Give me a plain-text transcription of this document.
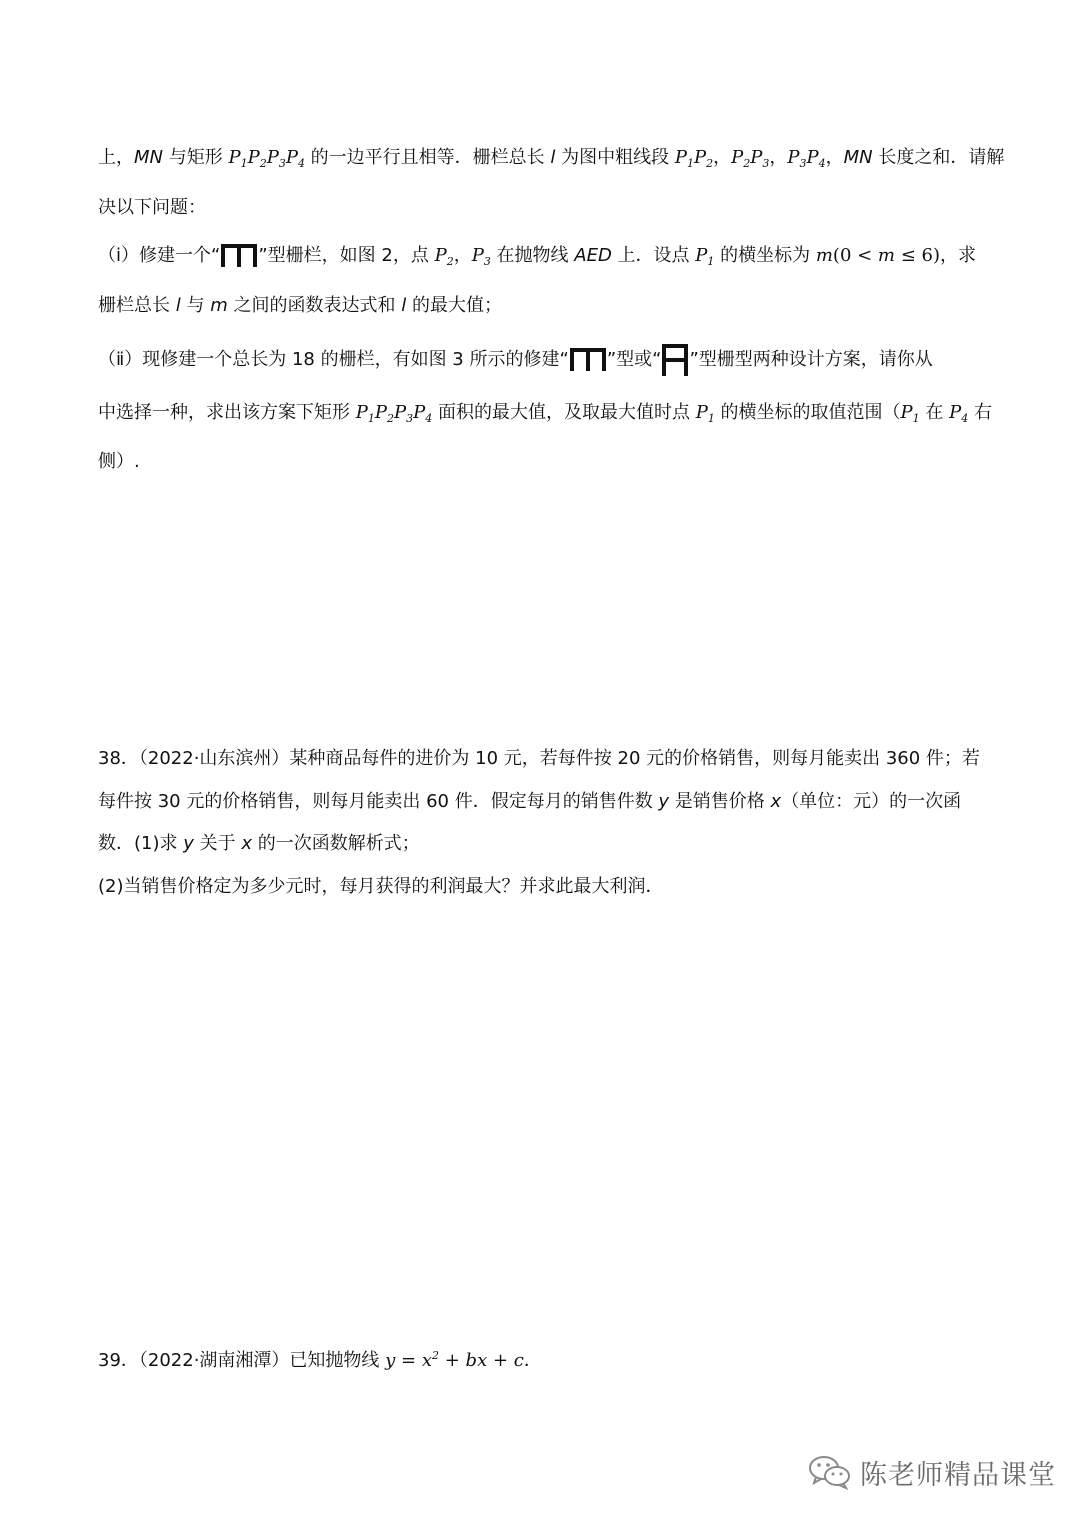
上，MN 与矩形 $P_1P_2P_3P_4$ 的一边平行且相等．栅栏总长 l 为图中粗线段 $P_1P_2$，$P_2P_3$，$P_3P_4$，MN 长度之和．请解
决以下问题：
（ⅰ）修建一个“ ”型栅栏，如图 2，点 $P_2$，$P_3$ 在抛物线 AED 上．设点 $P_1$ 的横坐标为 m(0 < m ≤ 6)，求
栅栏总长 l 与 m 之间的函数表达式和 l 的最大值；
（ⅱ）现修建一个总长为 18 的栅栏，有如图 3 所示的修建“ ”型或“ ”型栅型两种设计方案，请你从
中选择一种，求出该方案下矩形 $P_1P_2P_3P_4$ 面积的最大值，及取最大值时点 $P_1$ 的横坐标的取值范围（$P_1$ 在 $P_4$ 右
侧）.
38．（2022·山东滨州）某种商品每件的进价为 10 元，若每件按 20 元的价格销售，则每月能卖出 360 件；若
每件按 30 元的价格销售，则每月能卖出 60 件．假定每月的销售件数 y 是销售价格 x（单位：元）的一次函
数．(1)求 y 关于 x 的一次函数解析式；
(2)当销售价格定为多少元时，每月获得的利润最大？并求此最大利润．
39．（2022·湖南湘潭）已知抛物线 $y = x^2$ + bx + c．
陈老师精品课堂
